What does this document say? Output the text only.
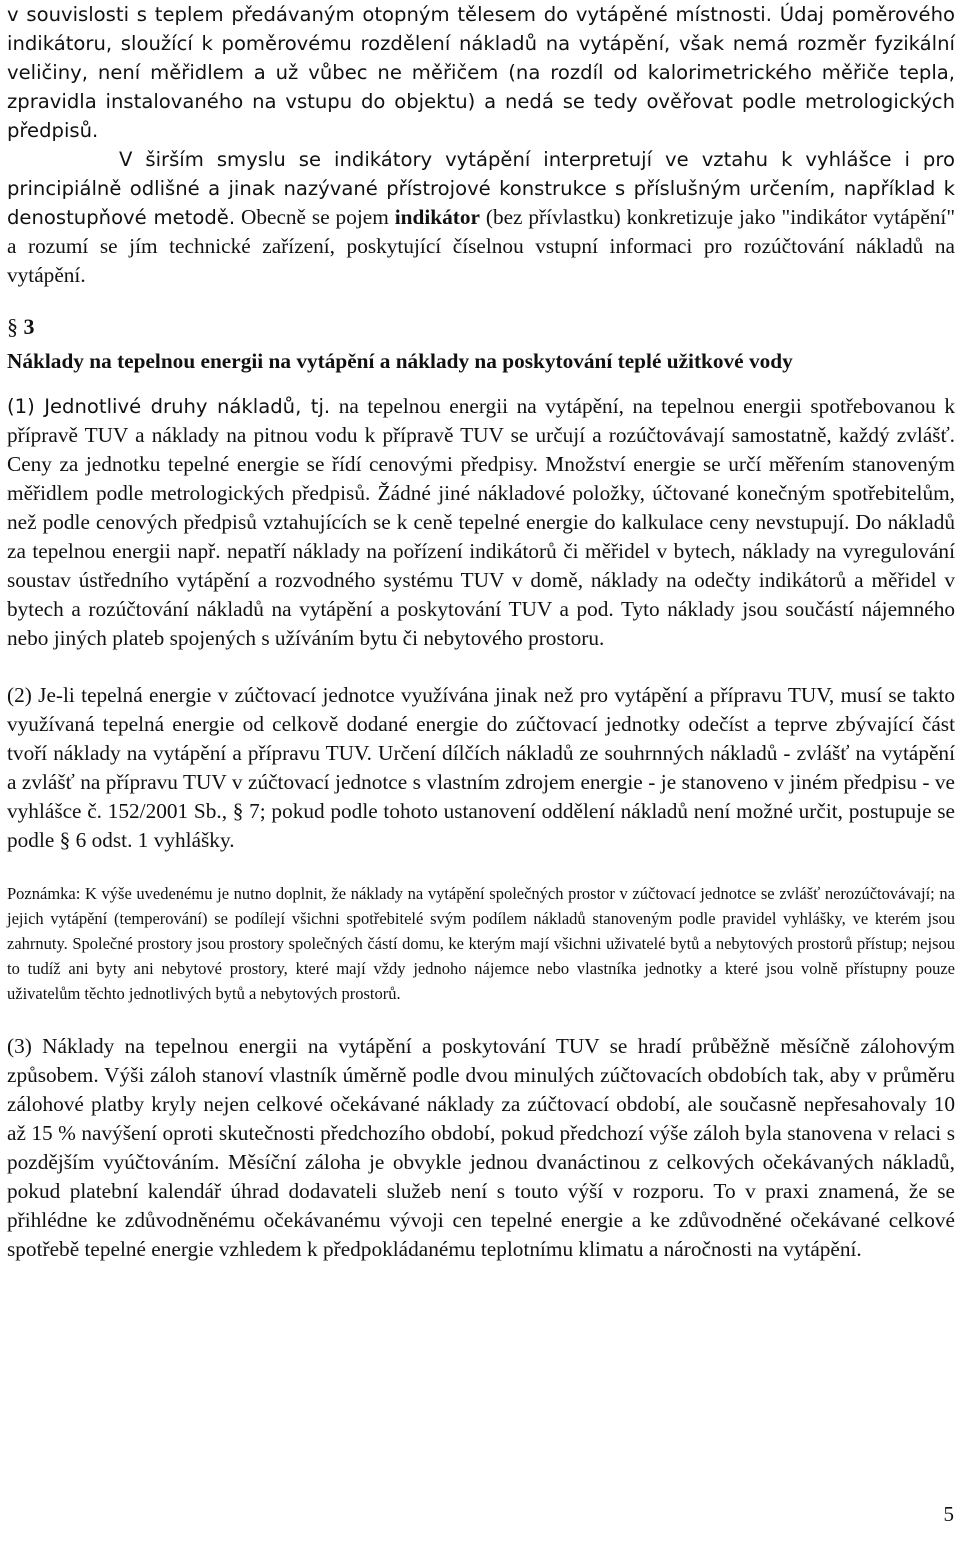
v souvislosti s teplem předávaným otopným tělesem do vytápěné místnosti. Údaj poměrového indikátoru, sloužící k poměrovému rozdělení nákladů na vytápění, však nemá rozměr fyzikální veličiny, není měřidlem a už vůbec ne měřičem (na rozdíl od kalorimetrického měřiče tepla, zpravidla instalovaného na vstupu do objektu) a nedá se tedy ověřovat podle metrologických předpisů.

V širším smyslu se indikátory vytápění interpretují ve vztahu k vyhlášce i pro principiálně odlišné a jinak nazývané přístrojové konstrukce s příslušným určením, například k denostupňové metodě. Obecně se pojem indikátor (bez přívlastku) konkretizuje jako "indikátor vytápění" a rozumí se jím technické zařízení, poskytující číselnou vstupní informaci pro rozúčtování nákladů na vytápění.

§ 3
Náklady na tepelnou energii na vytápění a náklady na poskytování teplé užitkové vody

(1) Jednotlivé druhy nákladů, tj. na tepelnou energii na vytápění, na tepelnou energii spotřebovanou k přípravě TUV a náklady na pitnou vodu k přípravě TUV se určují a rozúčtovávají samostatně, každý zvlášť. Ceny za jednotku tepelné energie se řídí cenovými předpisy. Množství energie se určí měřením stanoveným měřidlem podle metrologických předpisů. Žádné jiné nákladové položky, účtované konečným spotřebitelům, než podle cenových předpisů vztahujících se k ceně tepelné energie do kalkulace ceny nevstupují. Do nákladů za tepelnou energii např. nepatří náklady na pořízení indikátorů či měřidel v bytech, náklady na vyregulování soustav ústředního vytápění a rozvodného systému TUV v domě, náklady na odečty indikátorů a měřidel v bytech a rozúčtování nákladů na vytápění a poskytování TUV a pod. Tyto náklady jsou součástí nájemného nebo jiných plateb spojených s užíváním bytu či nebytového prostoru.

(2) Je-li tepelná energie v zúčtovací jednotce využívána jinak než pro vytápění a přípravu TUV, musí se takto využívaná tepelná energie od celkově dodané energie do zúčtovací jednotky odečíst a teprve zbývající část tvoří náklady na vytápění a přípravu TUV. Určení dílčích nákladů ze souhrnných nákladů - zvlášť na vytápění a zvlášť na přípravu TUV v zúčtovací jednotce s vlastním zdrojem energie - je stanoveno v jiném předpisu - ve vyhlášce č. 152/2001 Sb., § 7; pokud podle tohoto ustanovení oddělení nákladů není možné určit, postupuje se podle § 6 odst. 1 vyhlášky.

Poznámka: K výše uvedenému je nutno doplnit, že náklady na vytápění společných prostor v zúčtovací jednotce se zvlášť nerozúčtovávají; na jejich vytápění (temperování) se podílejí všichni spotřebitelé svým podílem nákladů stanoveným podle pravidel vyhlášky, ve kterém jsou zahrnuty. Společné prostory jsou prostory společných částí domu, ke kterým mají všichni uživatelé bytů a nebytových prostorů přístup; nejsou to tudíž ani byty ani nebytové prostory, které mají vždy jednoho nájemce nebo vlastníka jednotky a které jsou volně přístupny pouze uživatelům těchto jednotlivých bytů a nebytových prostorů.

(3) Náklady na tepelnou energii na vytápění a poskytování TUV se hradí průběžně měsíčně zálohovým způsobem. Výši záloh stanoví vlastník úměrně podle dvou minulých zúčtovacích obdobích tak, aby v průměru zálohové platby kryly nejen celkové očekávané náklady za zúčtovací období, ale současně nepřesahovaly 10 až 15 % navýšení oproti skutečnosti předchozího období, pokud předchozí výše záloh byla stanovena v relaci s pozdějším vyúčtováním. Měsíční záloha je obvykle jednou dvanáctinou z celkových očekávaných nákladů, pokud platební kalendář úhrad dodavateli služeb není s touto výší v rozporu. To v praxi znamená, že se přihlédne ke zdůvodněnému očekávanému vývoji cen tepelné energie a ke zdůvodněné očekávané celkové spotřebě tepelné energie vzhledem k předpokládanému teplotnímu klimatu a náročnosti na vytápění.

5
